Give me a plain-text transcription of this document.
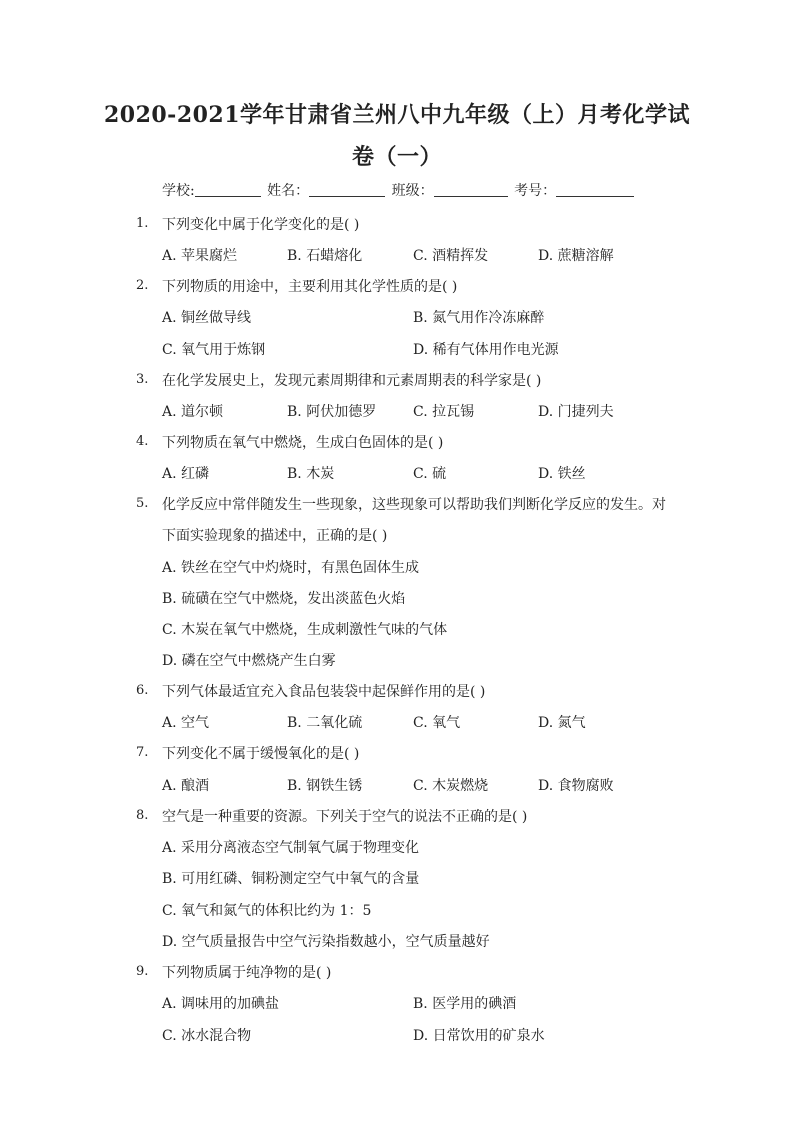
2020-2021学年甘肃省兰州八中九年级（上）月考化学试
卷（一）
学校:	姓名：	班级：	考号：
1. 下列变化中属于化学变化的是( )
A. 苹果腐烂	B. 石蜡熔化	C. 酒精挥发	D. 蔗糖溶解
2. 下列物质的用途中，主要利用其化学性质的是( )
A. 铜丝做导线	B. 氮气用作冷冻麻醉
C. 氧气用于炼钢	D. 稀有气体用作电光源
3. 在化学发展史上，发现元素周期律和元素周期表的科学家是( )
A. 道尔顿	B. 阿伏加德罗	C. 拉瓦锡	D. 门捷列夫
4. 下列物质在氧气中燃烧，生成白色固体的是( )
A. 红磷	B. 木炭	C. 硫	D. 铁丝
5. 化学反应中常伴随发生一些现象，这些现象可以帮助我们判断化学反应的发生。对
下面实验现象的描述中，正确的是( )
A. 铁丝在空气中灼烧时，有黑色固体生成
B. 硫磺在空气中燃烧，发出淡蓝色火焰
C. 木炭在氧气中燃烧，生成刺激性气味的气体
D. 磷在空气中燃烧产生白雾
6. 下列气体最适宜充入食品包装袋中起保鲜作用的是( )
A. 空气	B. 二氧化硫	C. 氧气	D. 氮气
7. 下列变化不属于缓慢氧化的是( )
A. 酿酒	B. 钢铁生锈	C. 木炭燃烧	D. 食物腐败
8. 空气是一种重要的资源。下列关于空气的说法不正确的是( )
A. 采用分离液态空气制氧气属于物理变化
B. 可用红磷、铜粉测定空气中氧气的含量
C. 氧气和氮气的体积比约为 1：5
D. 空气质量报告中空气污染指数越小，空气质量越好
9. 下列物质属于纯净物的是( )
A. 调味用的加碘盐	B. 医学用的碘酒
C. 冰水混合物	D. 日常饮用的矿泉水
